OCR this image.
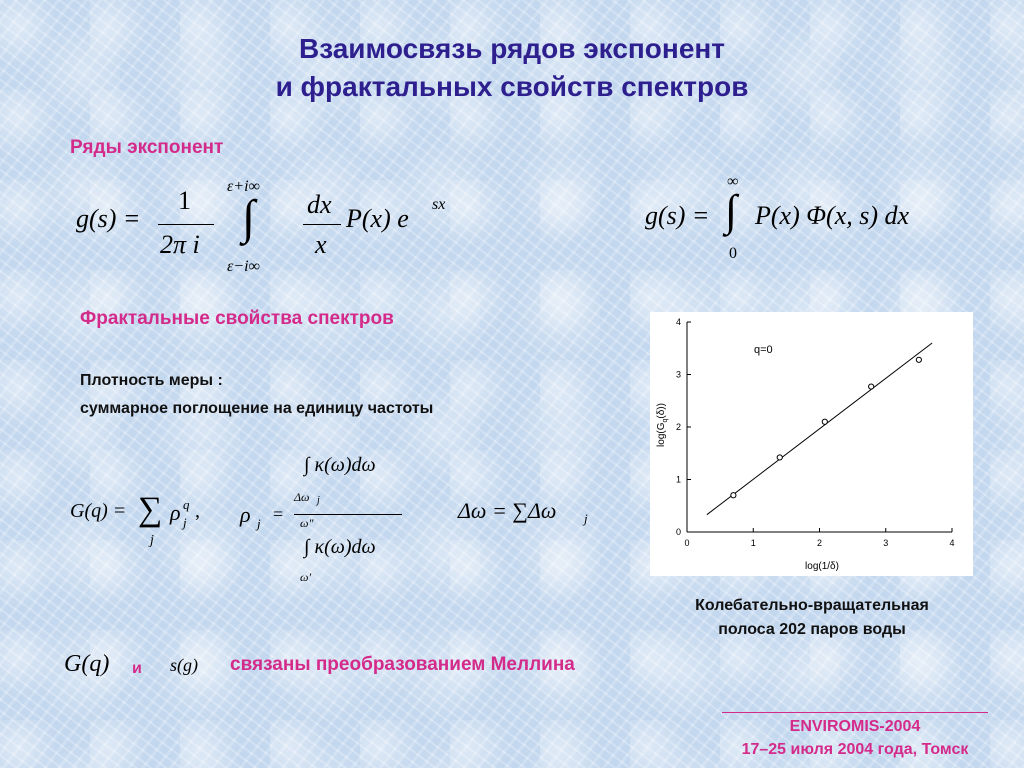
Взаимосвязь рядов экспонент
и фрактальных свойств спектров
Ряды экспонент
g(s) =
1
2π i
ε+i∞
∫
ε−i∞
dx
x
P(x) e sx	g(s) =
∞
∫
0
P(x) Φ(x, s) dx
Фрактальные свойства спектров
Плотность меры :
суммарное поглощение на единицу частоты
G(q) = ∑
j
ρ q
j
, ρ j =
∫ κ(ω)dω
Δω j
ω″
∫ κ(ω)dω
ω′
Δω = ∑Δω j
q=0
log(1/δ)
$\log(G_q(\delta))$
0	1	2	3	4
0
1
2
3
4
Колебательно-вращательная
полоса 202 паров воды
G(q) и s(g) связаны преобразованием Меллина
ENVIROMIS-2004
17–25 июля 2004 года, Томск
